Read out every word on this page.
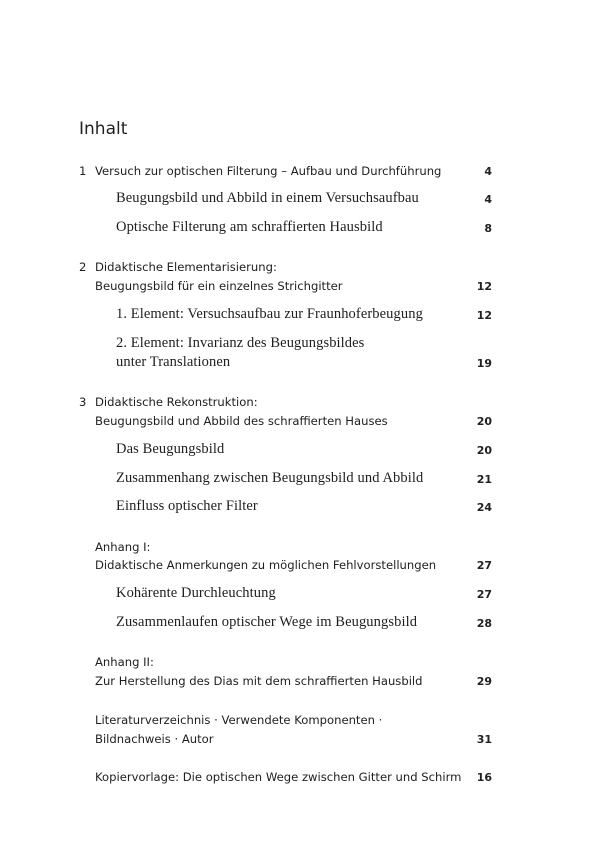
Inhalt
1 Versuch zur optischen Filterung – Aufbau und Durchführung	4
Beugungsbild und Abbild in einem Versuchsaufbau	4
Optische Filterung am schraffierten Hausbild	8
2 Didaktische Elementarisierung:
Beugungsbild für ein einzelnes Strichgitter	12
1. Element: Versuchsaufbau zur Fraunhoferbeugung	12
2. Element: Invarianz des Beugungsbildes
unter Translationen	19
3 Didaktische Rekonstruktion:
Beugungsbild und Abbild des schraffierten Hauses	20
Das Beugungsbild	20
Zusammenhang zwischen Beugungsbild und Abbild	21
Einfluss optischer Filter	24
Anhang I:
Didaktische Anmerkungen zu möglichen Fehlvorstellungen	27
Kohärente Durchleuchtung	27
Zusammenlaufen optischer Wege im Beugungsbild	28
Anhang II:
Zur Herstellung des Dias mit dem schraffierten Hausbild	29
Literaturverzeichnis · Verwendete Komponenten ·
Bildnachweis · Autor	31
Kopiervorlage: Die optischen Wege zwischen Gitter und Schirm 16
